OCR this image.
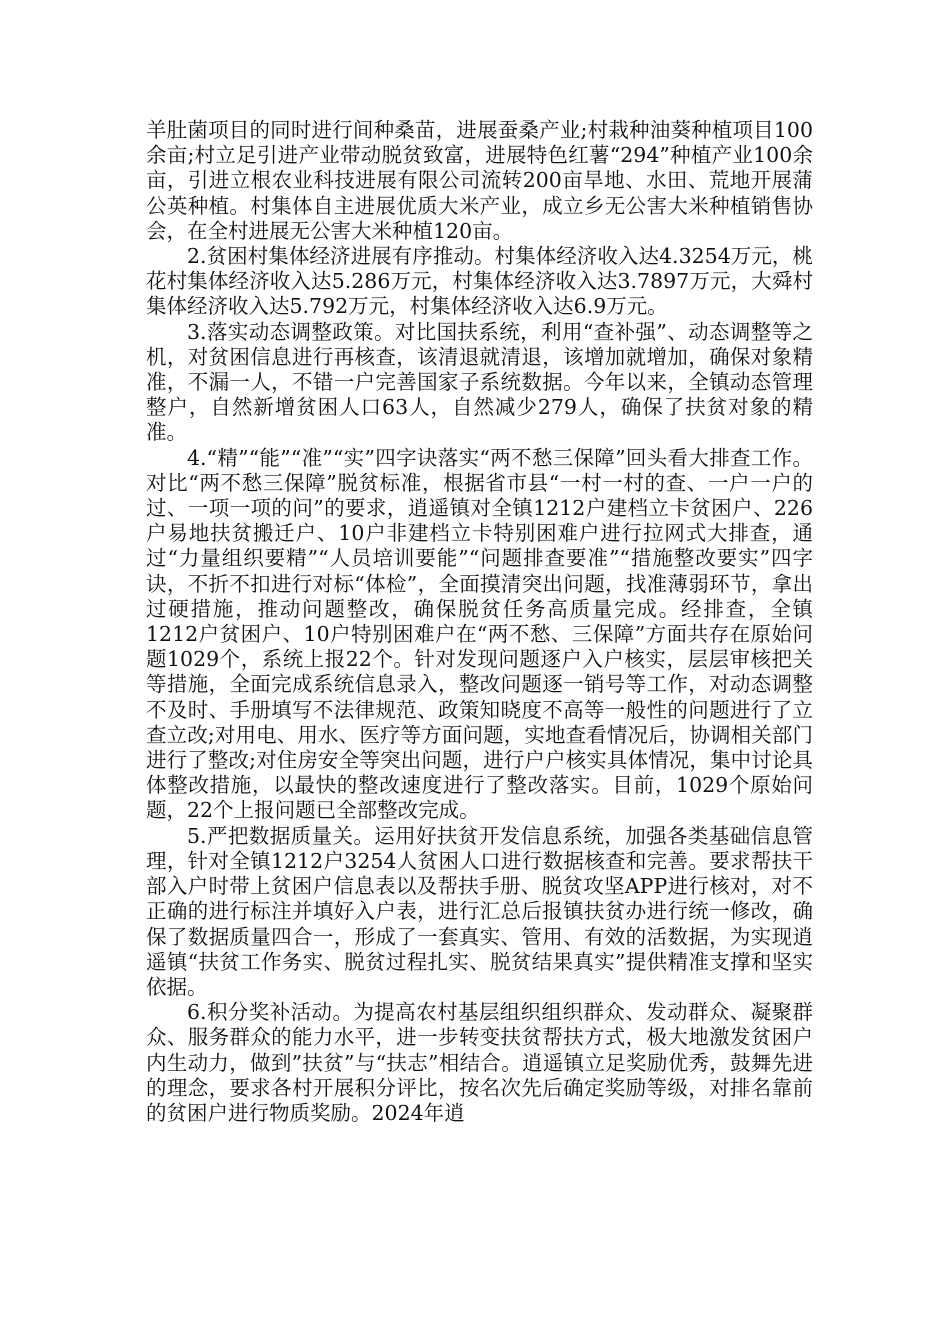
羊肚菌项目的同时进行间种桑苗，进展蚕桑产业;村栽种油葵种植项目100余亩;村立足引进产业带动脱贫致富，进展特色红薯“294”种植产业100余亩，引进立根农业科技进展有限公司流转200亩旱地、水田、荒地开展蒲公英种植。村集体自主进展优质大米产业，成立乡无公害大米种植销售协会，在全村进展无公害大米种植120亩。

2.贫困村集体经济进展有序推动。村集体经济收入达4.3254万元，桃花村集体经济收入达5.286万元，村集体经济收入达3.7897万元，大舜村集体经济收入达5.792万元，村集体经济收入达6.9万元。

3.落实动态调整政策。对比国扶系统，利用“查补强”、动态调整等之机，对贫困信息进行再核查，该清退就清退，该增加就增加，确保对象精准，不漏一人，不错一户完善国家子系统数据。今年以来，全镇动态管理整户，自然新增贫困人口63人，自然减少279人，确保了扶贫对象的精准。

4.“精”“能”“准”“实”四字诀落实“两不愁三保障”回头看大排查工作。对比“两不愁三保障”脱贫标准，根据省市县“一村一村的查、一户一户的过、一项一项的问”的要求，逍遥镇对全镇1212户建档立卡贫困户、226户易地扶贫搬迁户、10户非建档立卡特别困难户进行拉网式大排查，通过“力量组织要精”“人员培训要能”“问题排查要准”“措施整改要实”四字诀，不折不扣进行对标“体检”，全面摸清突出问题，找准薄弱环节，拿出过硬措施，推动问题整改，确保脱贫任务高质量完成。经排查，全镇1212户贫困户、10户特别困难户在“两不愁、三保障”方面共存在原始问题1029个，系统上报22个。针对发现问题逐户入户核实，层层审核把关等措施，全面完成系统信息录入，整改问题逐一销号等工作，对动态调整不及时、手册填写不法律规范、政策知晓度不高等一般性的问题进行了立查立改;对用电、用水、医疗等方面问题，实地查看情况后，协调相关部门进行了整改;对住房安全等突出问题，进行户户核实具体情况，集中讨论具体整改措施，以最快的整改速度进行了整改落实。目前，1029个原始问题，22个上报问题已全部整改完成。

5.严把数据质量关。运用好扶贫开发信息系统，加强各类基础信息管理，针对全镇1212户3254人贫困人口进行数据核查和完善。要求帮扶干部入户时带上贫困户信息表以及帮扶手册、脱贫攻坚APP进行核对，对不正确的进行标注并填好入户表，进行汇总后报镇扶贫办进行统一修改，确保了数据质量四合一，形成了一套真实、管用、有效的活数据，为实现逍遥镇“扶贫工作务实、脱贫过程扎实、脱贫结果真实”提供精准支撑和坚实依据。

6.积分奖补活动。为提高农村基层组织组织群众、发动群众、凝聚群众、服务群众的能力水平，进一步转变扶贫帮扶方式，极大地激发贫困户内生动力，做到”扶贫”与“扶志”相结合。逍遥镇立足奖励优秀，鼓舞先进的理念，要求各村开展积分评比，按名次先后确定奖励等级，对排名靠前的贫困户进行物质奖励。2024年逍
